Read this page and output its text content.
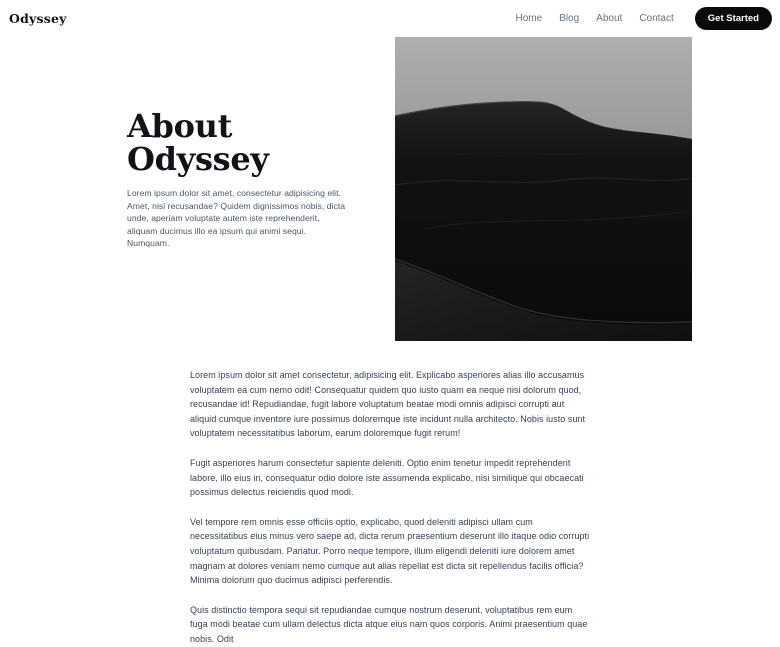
Odyssey	Home Blog About Contact	Get Started
About
Odyssey

Lorem ipsum dolor sit amet, consectetur adipisicing elit. Amet, nisi recusandae? Quidem dignissimos nobis, dicta unde, aperiam voluptate autem iste reprehenderit, aliquam ducimus illo ea ipsum qui animi sequi. Numquam.

Lorem ipsum dolor sit amet consectetur, adipisicing elit. Explicabo asperiores alias illo accusamus voluptatem ea cum nemo odit! Consequatur quidem quo iusto quam ea neque nisi dolorum quod, recusandae id! Repudiandae, fugit labore voluptatum beatae modi omnis adipisci corrupti aut aliquid cumque inventore iure possimus doloremque iste incidunt nulla architecto. Nobis iusto sunt voluptatem necessitatibus laborum, earum doloremque fugit rerum!

Fugit asperiores harum consectetur sapiente deleniti. Optio enim tenetur impedit reprehenderit labore, illo eius in, consequatur odio dolore iste assumenda explicabo, nisi similique qui obcaecati possimus delectus reiciendis quod modi.

Vel tempore rem omnis esse officiis optio, explicabo, quod deleniti adipisci ullam cum necessitatibus eius minus vero saepe ad, dicta rerum praesentium deserunt illo itaque odio corrupti voluptatum quibusdam. Pariatur. Porro neque tempore, illum eligendi deleniti iure dolorem amet magnam at dolores veniam nemo cumque aut alias repellat est dicta sit repellendus facilis officia? Minima dolorum quo ducimus adipisci perferendis.

Quis distinctio tempora sequi sit repudiandae cumque nostrum deserunt, voluptatibus rem eum fuga modi beatae cum ullam delectus dicta atque eius nam quos corporis. Animi praesentium quae nobis. Odit
